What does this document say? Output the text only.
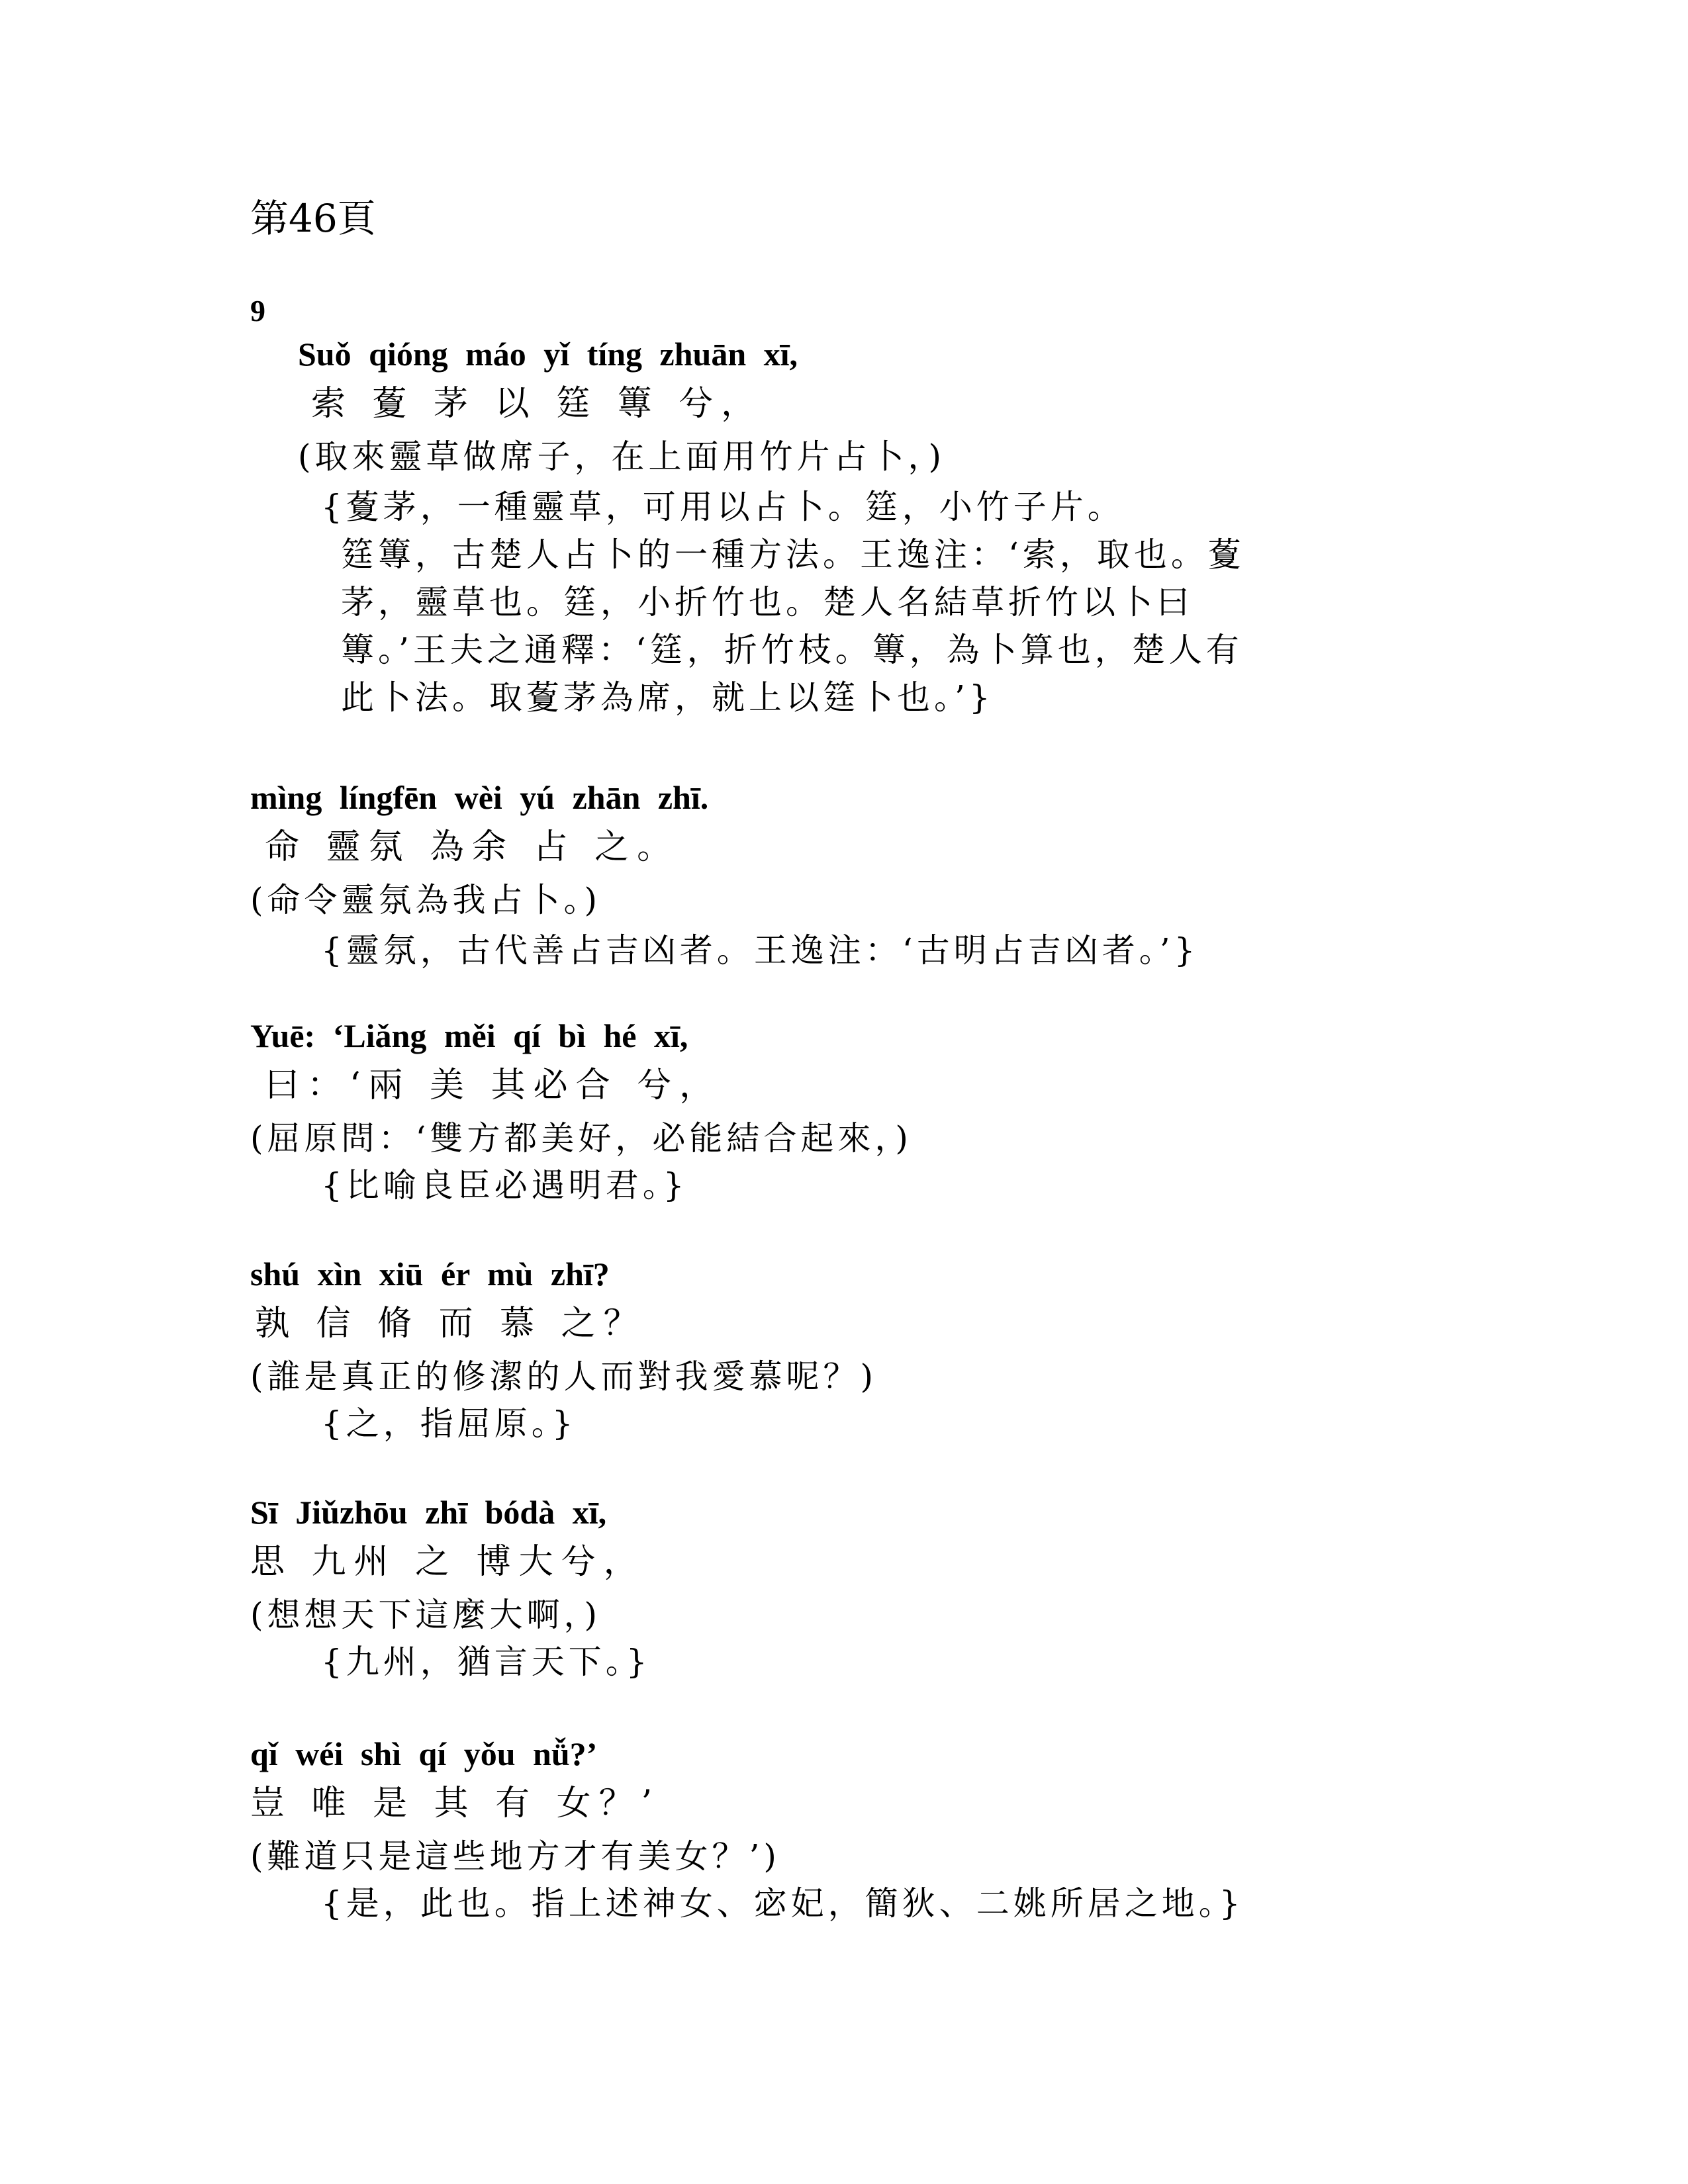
第46頁
9
Suǒ qióng máo yǐ tíng zhuān xī,
索 藑 茅 以 筳 篿 兮，
(取來靈草做席子，在上面用竹片占卜，)
{藑茅，一種靈草，可用以占卜。筳，小竹子片。
筳篿，古楚人占卜的一種方法。王逸注：‘索，取也。藑
茅，靈草也。筳，小折竹也。楚人名結草折竹以卜曰
篿。’王夫之通釋：‘筳，折竹枝。篿，為卜算也，楚人有
此卜法。取藑茅為席，就上以筳卜也。’}
mìng língfēn wèi yú zhān zhī.
命 靈氛 為余 占 之。
(命令靈氛為我占卜。)
{靈氛，古代善占吉凶者。王逸注：‘古明占吉凶者。’}
Yuē: ‘Liǎng měi qí bì hé xī,
曰：‘兩 美 其必合 兮，
(屈原問：‘雙方都美好，必能結合起來，)
{比喻良臣必遇明君。}
shú xìn xiū ér mù zhī?
孰 信 脩 而 慕 之？
(誰是真正的修潔的人而對我愛慕呢？)
{之，指屈原。}
Sī Jiǔzhōu zhī bódà xī,
思 九州 之 博大兮，
(想想天下這麼大啊，)
{九州，猶言天下。}
qǐ wéi shì qí yǒu nǚ?’
豈 唯 是 其 有 女？’
(難道只是這些地方才有美女？’)
{是，此也。指上述神女、宓妃，簡狄、二姚所居之地。}
